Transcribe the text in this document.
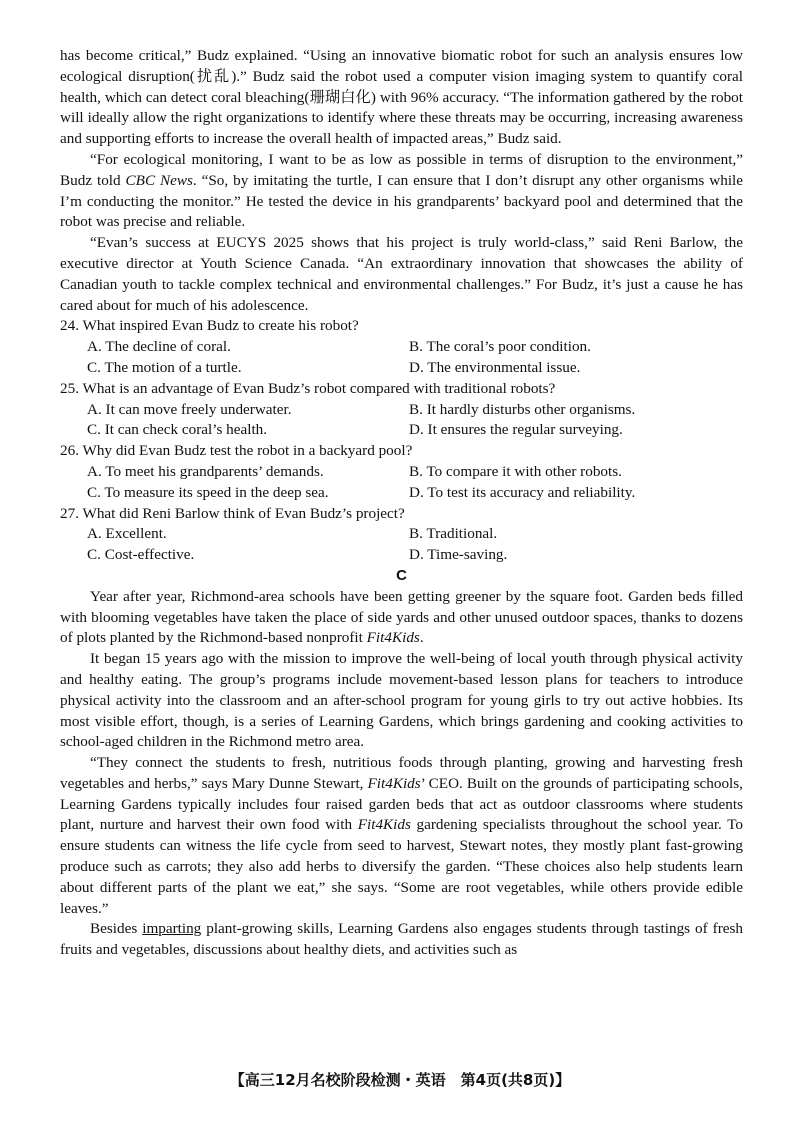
has become critical,” Budz explained. “Using an innovative biomatic robot for such an analysis ensures low ecological disruption(扰乱).” Budz said the robot used a computer vision imaging system to quantify coral health, which can detect coral bleaching(珊瑚白化) with 96% accuracy. “The information gathered by the robot will ideally allow the right organizations to identify where these threats may be occurring, increasing awareness and supporting efforts to increase the overall health of impacted areas,” Budz said.

“For ecological monitoring, I want to be as low as possible in terms of disruption to the environment,” Budz told CBC News. “So, by imitating the turtle, I can ensure that I don’t disrupt any other organisms while I’m conducting the monitor.” He tested the device in his grandparents’ backyard pool and determined that the robot was precise and reliable.

“Evan’s success at EUCYS 2025 shows that his project is truly world-class,” said Reni Barlow, the executive director at Youth Science Canada. “An extraordinary innovation that showcases the ability of Canadian youth to tackle complex technical and environmental challenges.” For Budz, it’s just a cause he has cared about for much of his adolescence.

24. What inspired Evan Budz to create his robot?

A. The decline of coral.	B. The coral’s poor condition.
C. The motion of a turtle.	D. The environmental issue.

25. What is an advantage of Evan Budz’s robot compared with traditional robots?

A. It can move freely underwater.	B. It hardly disturbs other organisms.
C. It can check coral’s health.	D. It ensures the regular surveying.

26. Why did Evan Budz test the robot in a backyard pool?

A. To meet his grandparents’ demands.	B. To compare it with other robots.
C. To measure its speed in the deep sea.	D. To test its accuracy and reliability.

27. What did Reni Barlow think of Evan Budz’s project?

A. Excellent.	B. Traditional.
C. Cost-effective.	D. Time-saving.

C

Year after year, Richmond-area schools have been getting greener by the square foot. Garden beds filled with blooming vegetables have taken the place of side yards and other unused outdoor spaces, thanks to dozens of plots planted by the Richmond-based nonprofit Fit4Kids.

It began 15 years ago with the mission to improve the well-being of local youth through physical activity and healthy eating. The group’s programs include movement-based lesson plans for teachers to introduce physical activity into the classroom and an after-school program for young girls to try out active hobbies. Its most visible effort, though, is a series of Learning Gardens, which brings gardening and cooking activities to school-aged children in the Richmond metro area.

“They connect the students to fresh, nutritious foods through planting, growing and harvesting fresh vegetables and herbs,” says Mary Dunne Stewart, Fit4Kids’ CEO. Built on the grounds of participating schools, Learning Gardens typically includes four raised garden beds that act as outdoor classrooms where students plant, nurture and harvest their own food with Fit4Kids gardening specialists throughout the school year. To ensure students can witness the life cycle from seed to harvest, Stewart notes, they mostly plant fast-growing produce such as carrots; they also add herbs to diversify the garden. “These choices also help students learn about different parts of the plant we eat,” she says. “Some are root vegetables, while others provide edible leaves.”

Besides imparting plant-growing skills, Learning Gardens also engages students through tastings of fresh fruits and vegetables, discussions about healthy diets, and activities such as

【高三12月名校阶段检测・英语　第4页(共8页)】
